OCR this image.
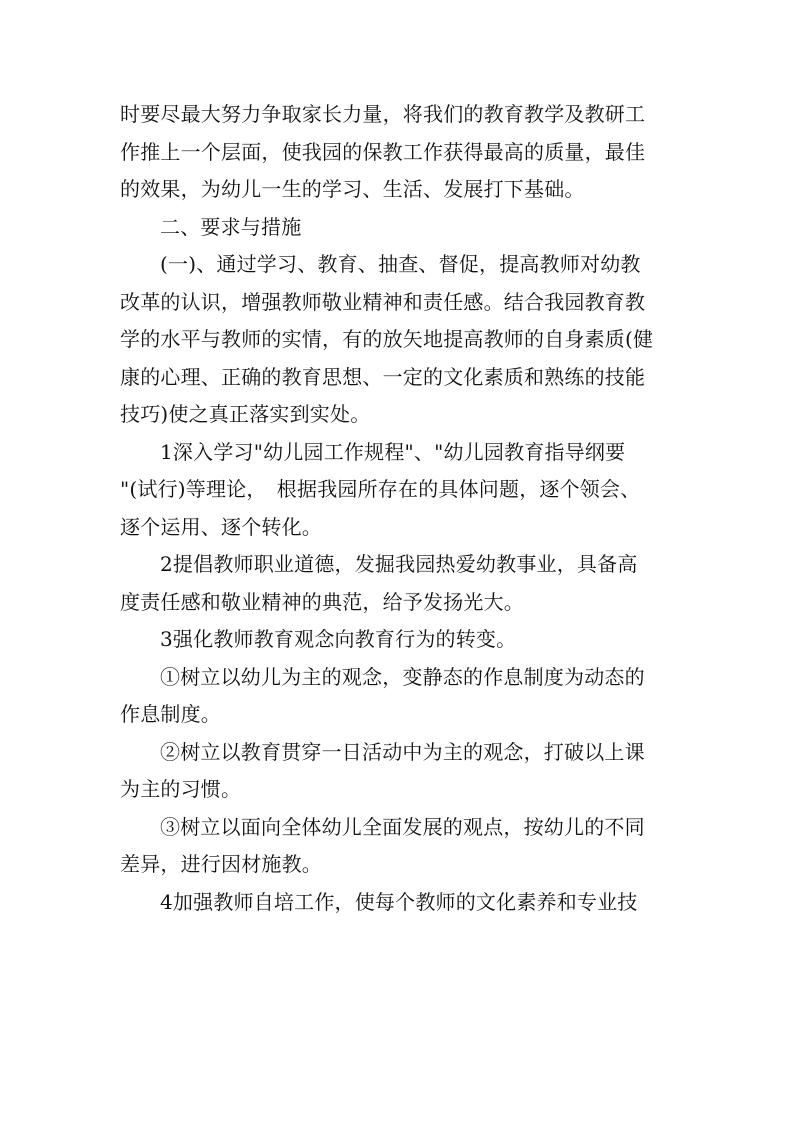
时要尽最大努力争取家长力量，将我们的教育教学及教研工
作推上一个层面，使我园的保教工作获得最高的质量，最佳
的效果，为幼儿一生的学习、生活、发展打下基础。
二、要求与措施
(一)、通过学习、教育、抽查、督促，提高教师对幼教
改革的认识，增强教师敬业精神和责任感。结合我园教育教
学的水平与教师的实情，有的放矢地提高教师的自身素质(健
康的心理、正确的教育思想、一定的文化素质和熟练的技能
技巧)使之真正落实到实处。
1深入学习"幼儿园工作规程"、"幼儿园教育指导纲要
"(试行)等理论，　根据我园所存在的具体问题，逐个领会、
逐个运用、逐个转化。
2提倡教师职业道德，发掘我园热爱幼教事业，具备高
度责任感和敬业精神的典范，给予发扬光大。
3强化教师教育观念向教育行为的转变。
①树立以幼儿为主的观念，变静态的作息制度为动态的
作息制度。
②树立以教育贯穿一日活动中为主的观念，打破以上课
为主的习惯。
③树立以面向全体幼儿全面发展的观点，按幼儿的不同
差异，进行因材施教。
4加强教师自培工作，使每个教师的文化素养和专业技
